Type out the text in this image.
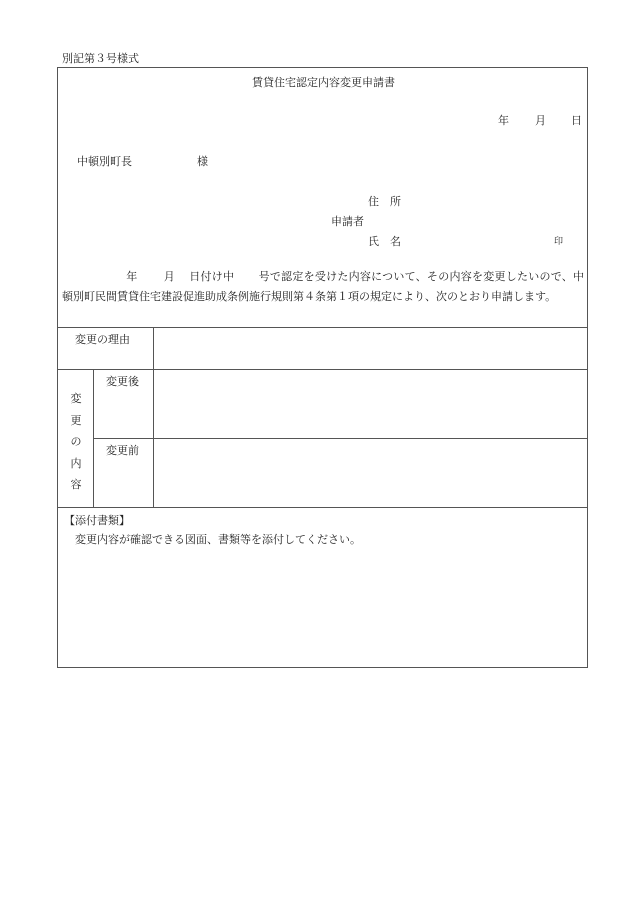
別記第３号様式
賃貸住宅認定内容変更申請書
年 月 日
中頓別町長	様
住　所
申請者
氏　名	印
年 月 日付け中 号で認定を受けた内容について、その内容を変更したいので、中頓別町民間賃貸住宅建設促進助成条例施行規則第４条第１項の規定により、次のとおり申請します。
変更の理由
変
更
の
内
容
変更後
変更前
【添付書類】
変更内容が確認できる図面、書類等を添付してください。
